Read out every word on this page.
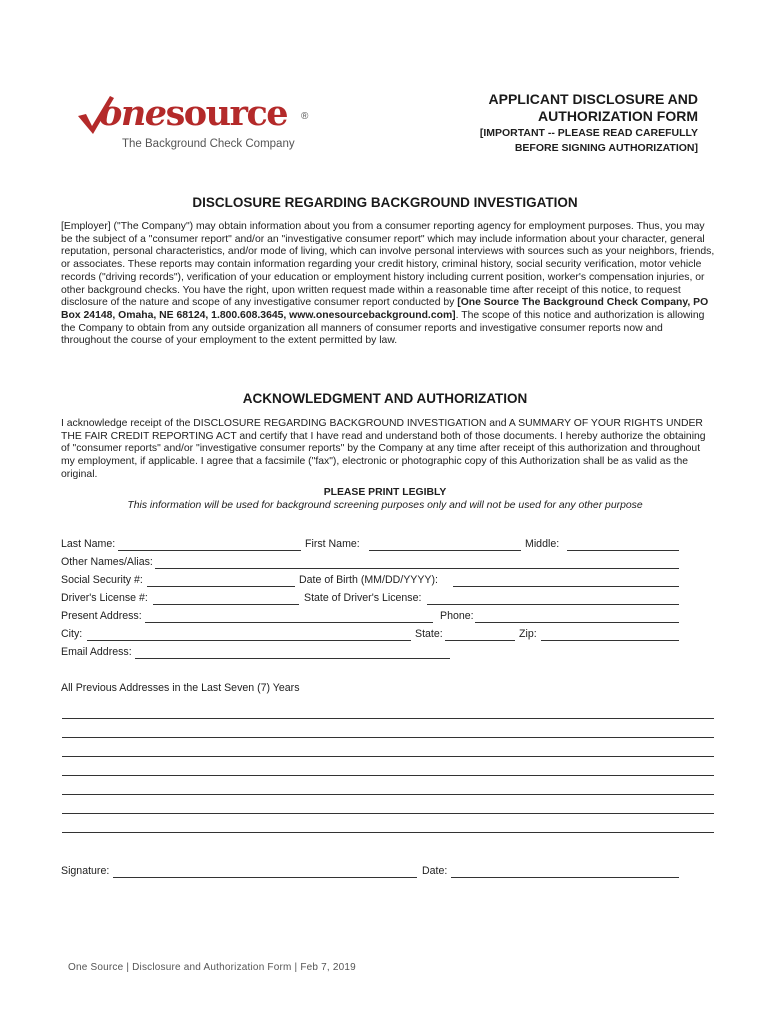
onesource ®
The Background Check Company
APPLICANT DISCLOSURE AND
AUTHORIZATION FORM
[IMPORTANT -- PLEASE READ CAREFULLY
BEFORE SIGNING AUTHORIZATION]
DISCLOSURE REGARDING BACKGROUND INVESTIGATION
[Employer] ("The Company") may obtain information about you from a consumer reporting agency for employment purposes. Thus, you may be the subject of a "consumer report" and/or an "investigative consumer report" which may include information about your character, general reputation, personal characteristics, and/or mode of living, which can involve personal interviews with sources such as your neighbors, friends, or associates. These reports may contain information regarding your credit history, criminal history, social security verification, motor vehicle records ("driving records"), verification of your education or employment history including current position, worker's compensation injuries, or other background checks. You have the right, upon written request made within a reasonable time after receipt of this notice, to request disclosure of the nature and scope of any investigative consumer report conducted by [One Source The Background Check Company, PO Box 24148, Omaha, NE 68124, 1.800.608.3645, www.onesourcebackground.com]. The scope of this notice and authorization is allowing the Company to obtain from any outside organization all manners of consumer reports and investigative consumer reports now and throughout the course of your employment to the extent permitted by law.
ACKNOWLEDGMENT AND AUTHORIZATION
I acknowledge receipt of the DISCLOSURE REGARDING BACKGROUND INVESTIGATION and A SUMMARY OF YOUR RIGHTS UNDER THE FAIR CREDIT REPORTING ACT and certify that I have read and understand both of those documents. I hereby authorize the obtaining of "consumer reports" and/or "investigative consumer reports" by the Company at any time after receipt of this authorization and throughout my employment, if applicable. I agree that a facsimile ("fax"), electronic or photographic copy of this Authorization shall be as valid as the original.
PLEASE PRINT LEGIBLY
This information will be used for background screening purposes only and will not be used for any other purpose
Last Name:	First Name:	Middle:
Other Names/Alias:
Social Security #:	Date of Birth (MM/DD/YYYY):
Driver's License #:	State of Driver's License:
Present Address:	Phone:
City:	State:	Zip:
Email Address:
All Previous Addresses in the Last Seven (7) Years
Signature:	Date:
One Source | Disclosure and Authorization Form | Feb 7, 2019
